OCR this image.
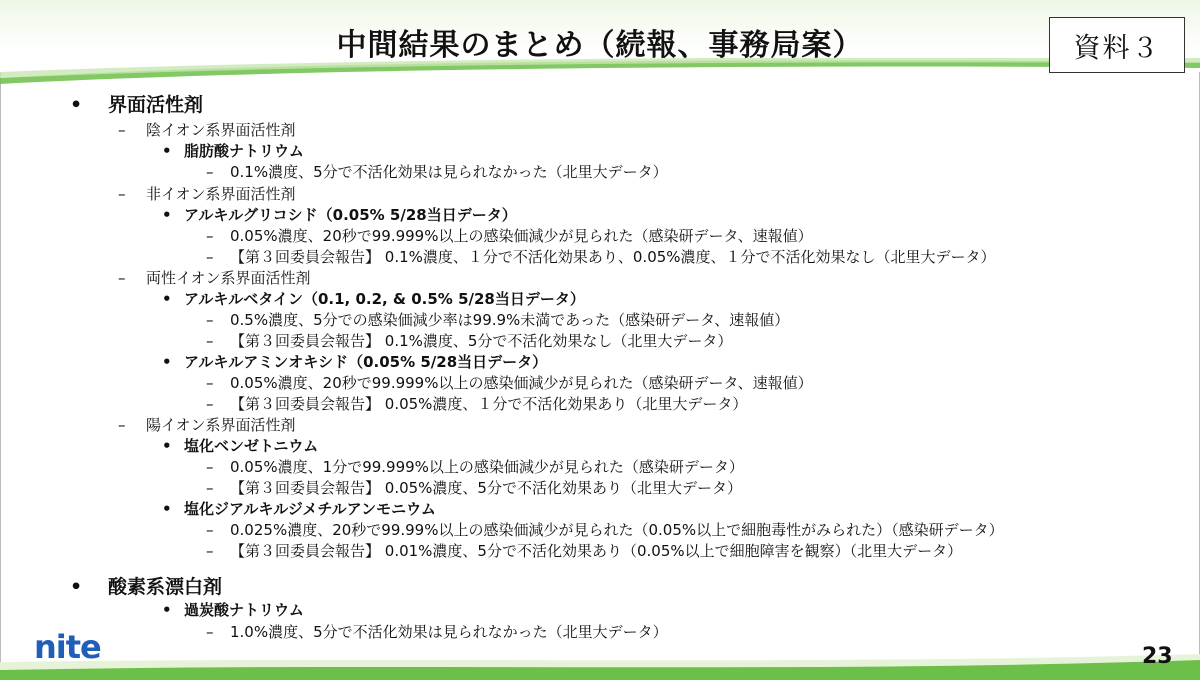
中間結果のまとめ（続報、事務局案）	資料３
• 界面活性剤
– 陰イオン系界面活性剤
• 脂肪酸ナトリウム
– 0.1%濃度、5分で不活化効果は見られなかった（北里大データ）
– 非イオン系界面活性剤
• アルキルグリコシド（0.05% 5/28当日データ）
– 0.05%濃度、20秒で99.999%以上の感染価減少が見られた（感染研データ、速報値）
– 【第３回委員会報告】 0.1%濃度、１分で不活化効果あり、0.05%濃度、１分で不活化効果なし（北里大データ）
– 両性イオン系界面活性剤
• アルキルベタイン（0.1, 0.2, & 0.5% 5/28当日データ）
– 0.5%濃度、5分での感染価減少率は99.9%未満であった（感染研データ、速報値）
– 【第３回委員会報告】 0.1%濃度、5分で不活化効果なし（北里大データ）
• アルキルアミンオキシド（0.05% 5/28当日データ）
– 0.05%濃度、20秒で99.999%以上の感染価減少が見られた（感染研データ、速報値）
– 【第３回委員会報告】 0.05%濃度、１分で不活化効果あり（北里大データ）
– 陽イオン系界面活性剤
• 塩化ベンゼトニウム
– 0.05%濃度、1分で99.999%以上の感染価減少が見られた（感染研データ）
– 【第３回委員会報告】 0.05%濃度、5分で不活化効果あり（北里大データ）
• 塩化ジアルキルジメチルアンモニウム
– 0.025%濃度、20秒で99.99%以上の感染価減少が見られた（0.05%以上で細胞毒性がみられた）（感染研データ）
– 【第３回委員会報告】 0.01%濃度、5分で不活化効果あり（0.05%以上で細胞障害を観察）（北里大データ）
• 酸素系漂白剤
• 過炭酸ナトリウム
– 1.0%濃度、5分で不活化効果は見られなかった（北里大データ）
nite	23
